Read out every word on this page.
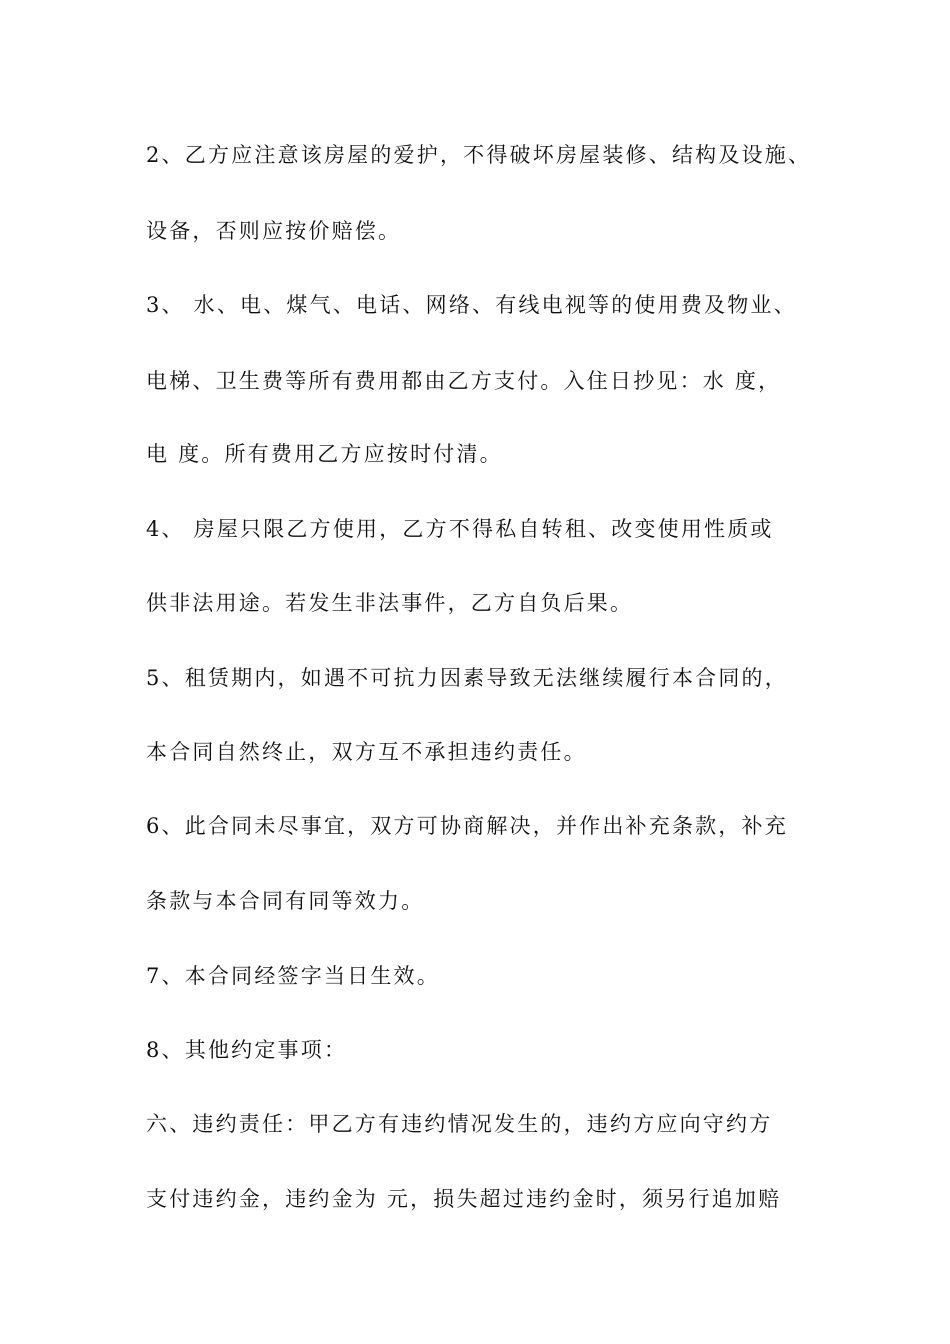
2、乙方应注意该房屋的爱护，不得破坏房屋装修、结构及设施、
设备，否则应按价赔偿。
3、 水、电、煤气、电话、网络、有线电视等的使用费及物业、
电梯、卫生费等所有费用都由乙方支付。入住日抄见：水 度，
电 度。所有费用乙方应按时付清。
4、 房屋只限乙方使用，乙方不得私自转租、改变使用性质或
供非法用途。若发生非法事件，乙方自负后果。
5、租赁期内，如遇不可抗力因素导致无法继续履行本合同的，
本合同自然终止，双方互不承担违约责任。
6、此合同未尽事宜，双方可协商解决，并作出补充条款，补充
条款与本合同有同等效力。
7、本合同经签字当日生效。
8、其他约定事项：
六、违约责任：甲乙方有违约情况发生的，违约方应向守约方
支付违约金，违约金为 元，损失超过违约金时，须另行追加赔
